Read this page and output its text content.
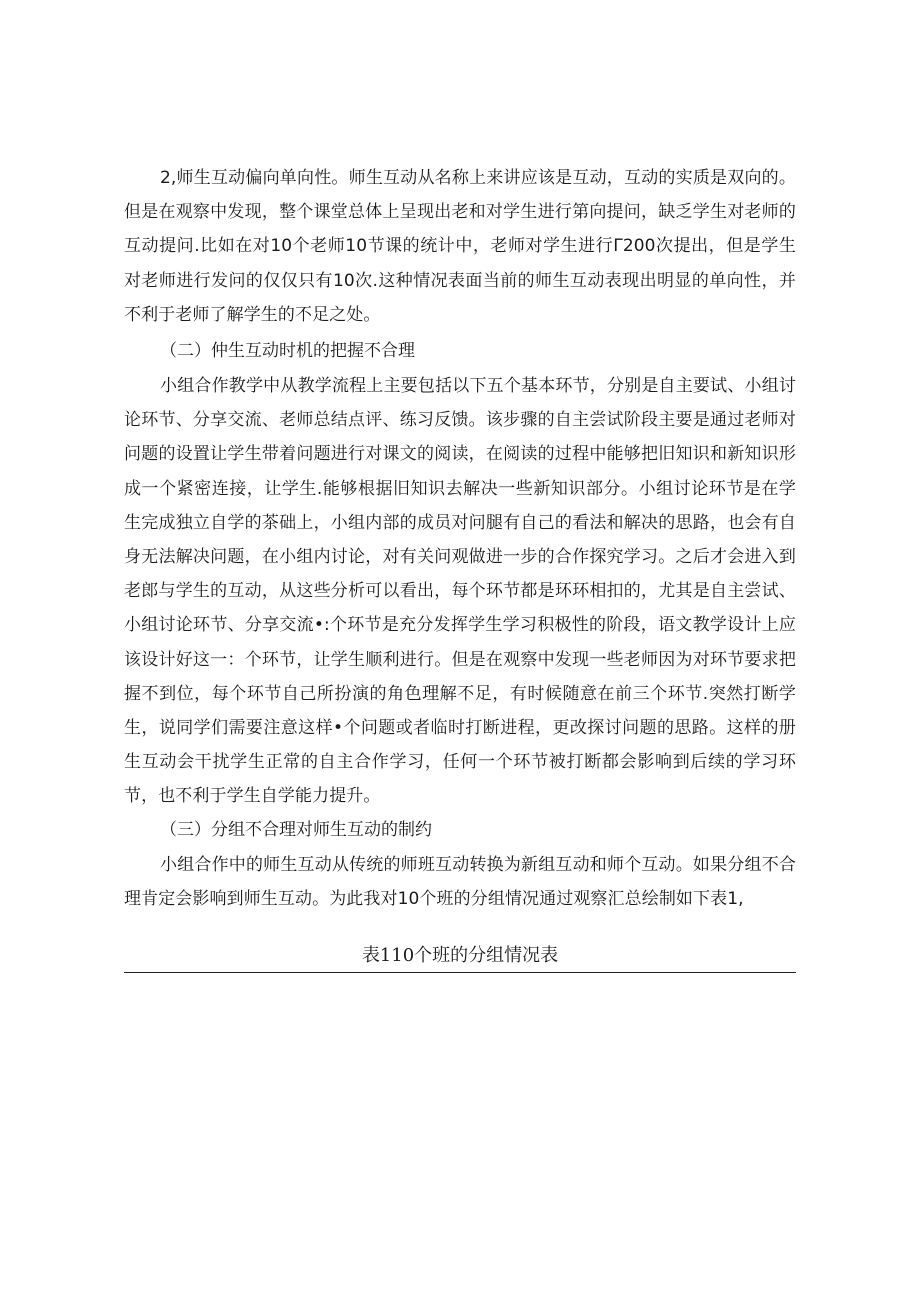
2,师生互动偏向单向性。师生互动从名称上来讲应该是互动，互动的实质是双向的。但是在观察中发现，整个课堂总体上呈现出老和对学生进行第向提问，缺乏学生对老师的互动提问.比如在对10个老师10节课的统计中，老师对学生进行Γ200次提出，但是学生对老师进行发问的仅仅只有10次.这种情况表面当前的师生互动表现出明显的单向性，并不利于老师了解学生的不足之处。

（二）仲生互动时机的把握不合理

小组合作教学中从教学流程上主要包括以下五个基本环节，分别是自主要试、小组讨论环节、分享交流、老师总结点评、练习反馈。该步骤的自主尝试阶段主要是通过老师对问题的设置让学生带着问题进行对课文的阅读，在阅读的过程中能够把旧知识和新知识形成一个紧密连接，让学生.能够根据旧知识去解决一些新知识部分。小组讨论环节是在学生完成独立自学的茶础上，小组内部的成员对问腿有自己的看法和解决的思路，也会有自身无法解决问题，在小组内讨论，对有关问观做进一步的合作探究学习。之后才会进入到老郎与学生的互动，从这些分析可以看出，每个环节都是环环相扣的，尤其是自主尝试、小组讨论环节、分享交流•:个环节是充分发挥学生学习积极性的阶段，语文教学设计上应该设计好这一：个环节，让学生顺利进行。但是在观察中发现一些老师因为对环节要求把握不到位，每个环节自己所扮演的角色理解不足，有时候随意在前三个环节.突然打断学生，说同学们需要注意这样•个问题或者临时打断进程，更改探讨问题的思路。这样的册生互动会干扰学生正常的自主合作学习，任何一个环节被打断都会影响到后续的学习环节，也不利于学生自学能力提升。

（三）分组不合理对师生互动的制约

小组合作中的师生互动从传统的师班互动转换为新组互动和师个互动。如果分组不合理肯定会影响到师生互动。为此我对10个班的分组情况通过观察汇总绘制如下表1,

表110个班的分组情况表
